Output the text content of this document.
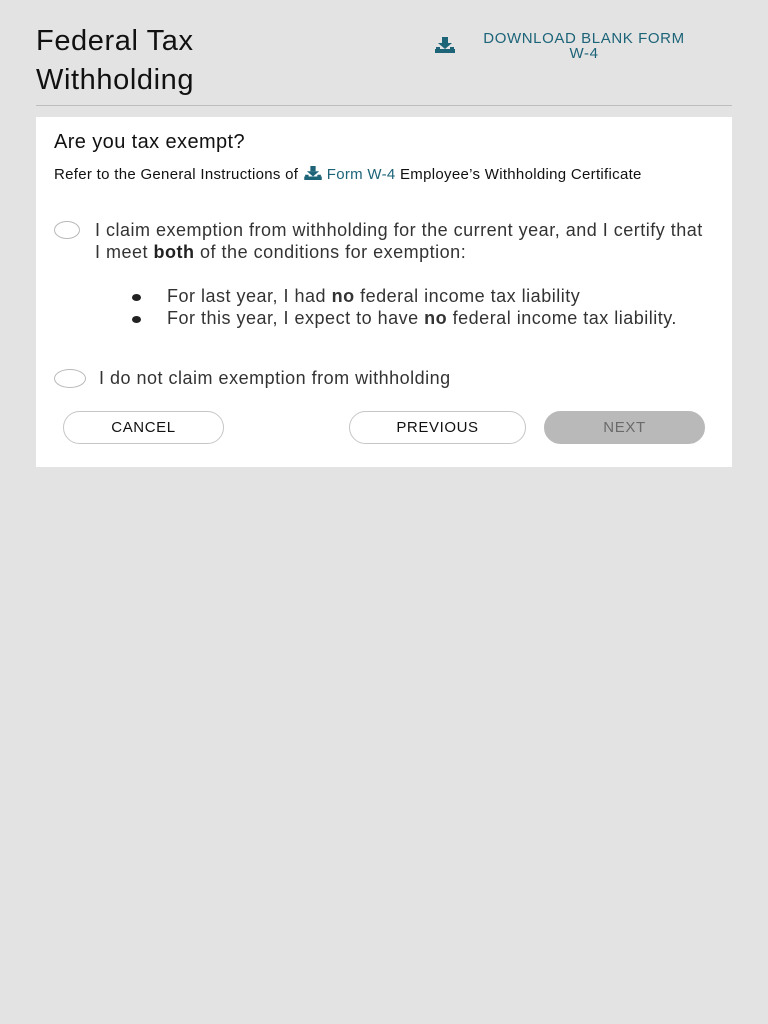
Federal Tax Withholding
DOWNLOAD BLANK FORM W-4
Are you tax exempt?
Refer to the General Instructions of Form W-4 Employee’s Withholding Certificate
I claim exemption from withholding for the current year, and I certify that I meet both of the conditions for exemption:
For last year, I had no federal income tax liability
For this year, I expect to have no federal income tax liability.
I do not claim exemption from withholding
CANCEL	PREVIOUS	NEXT
